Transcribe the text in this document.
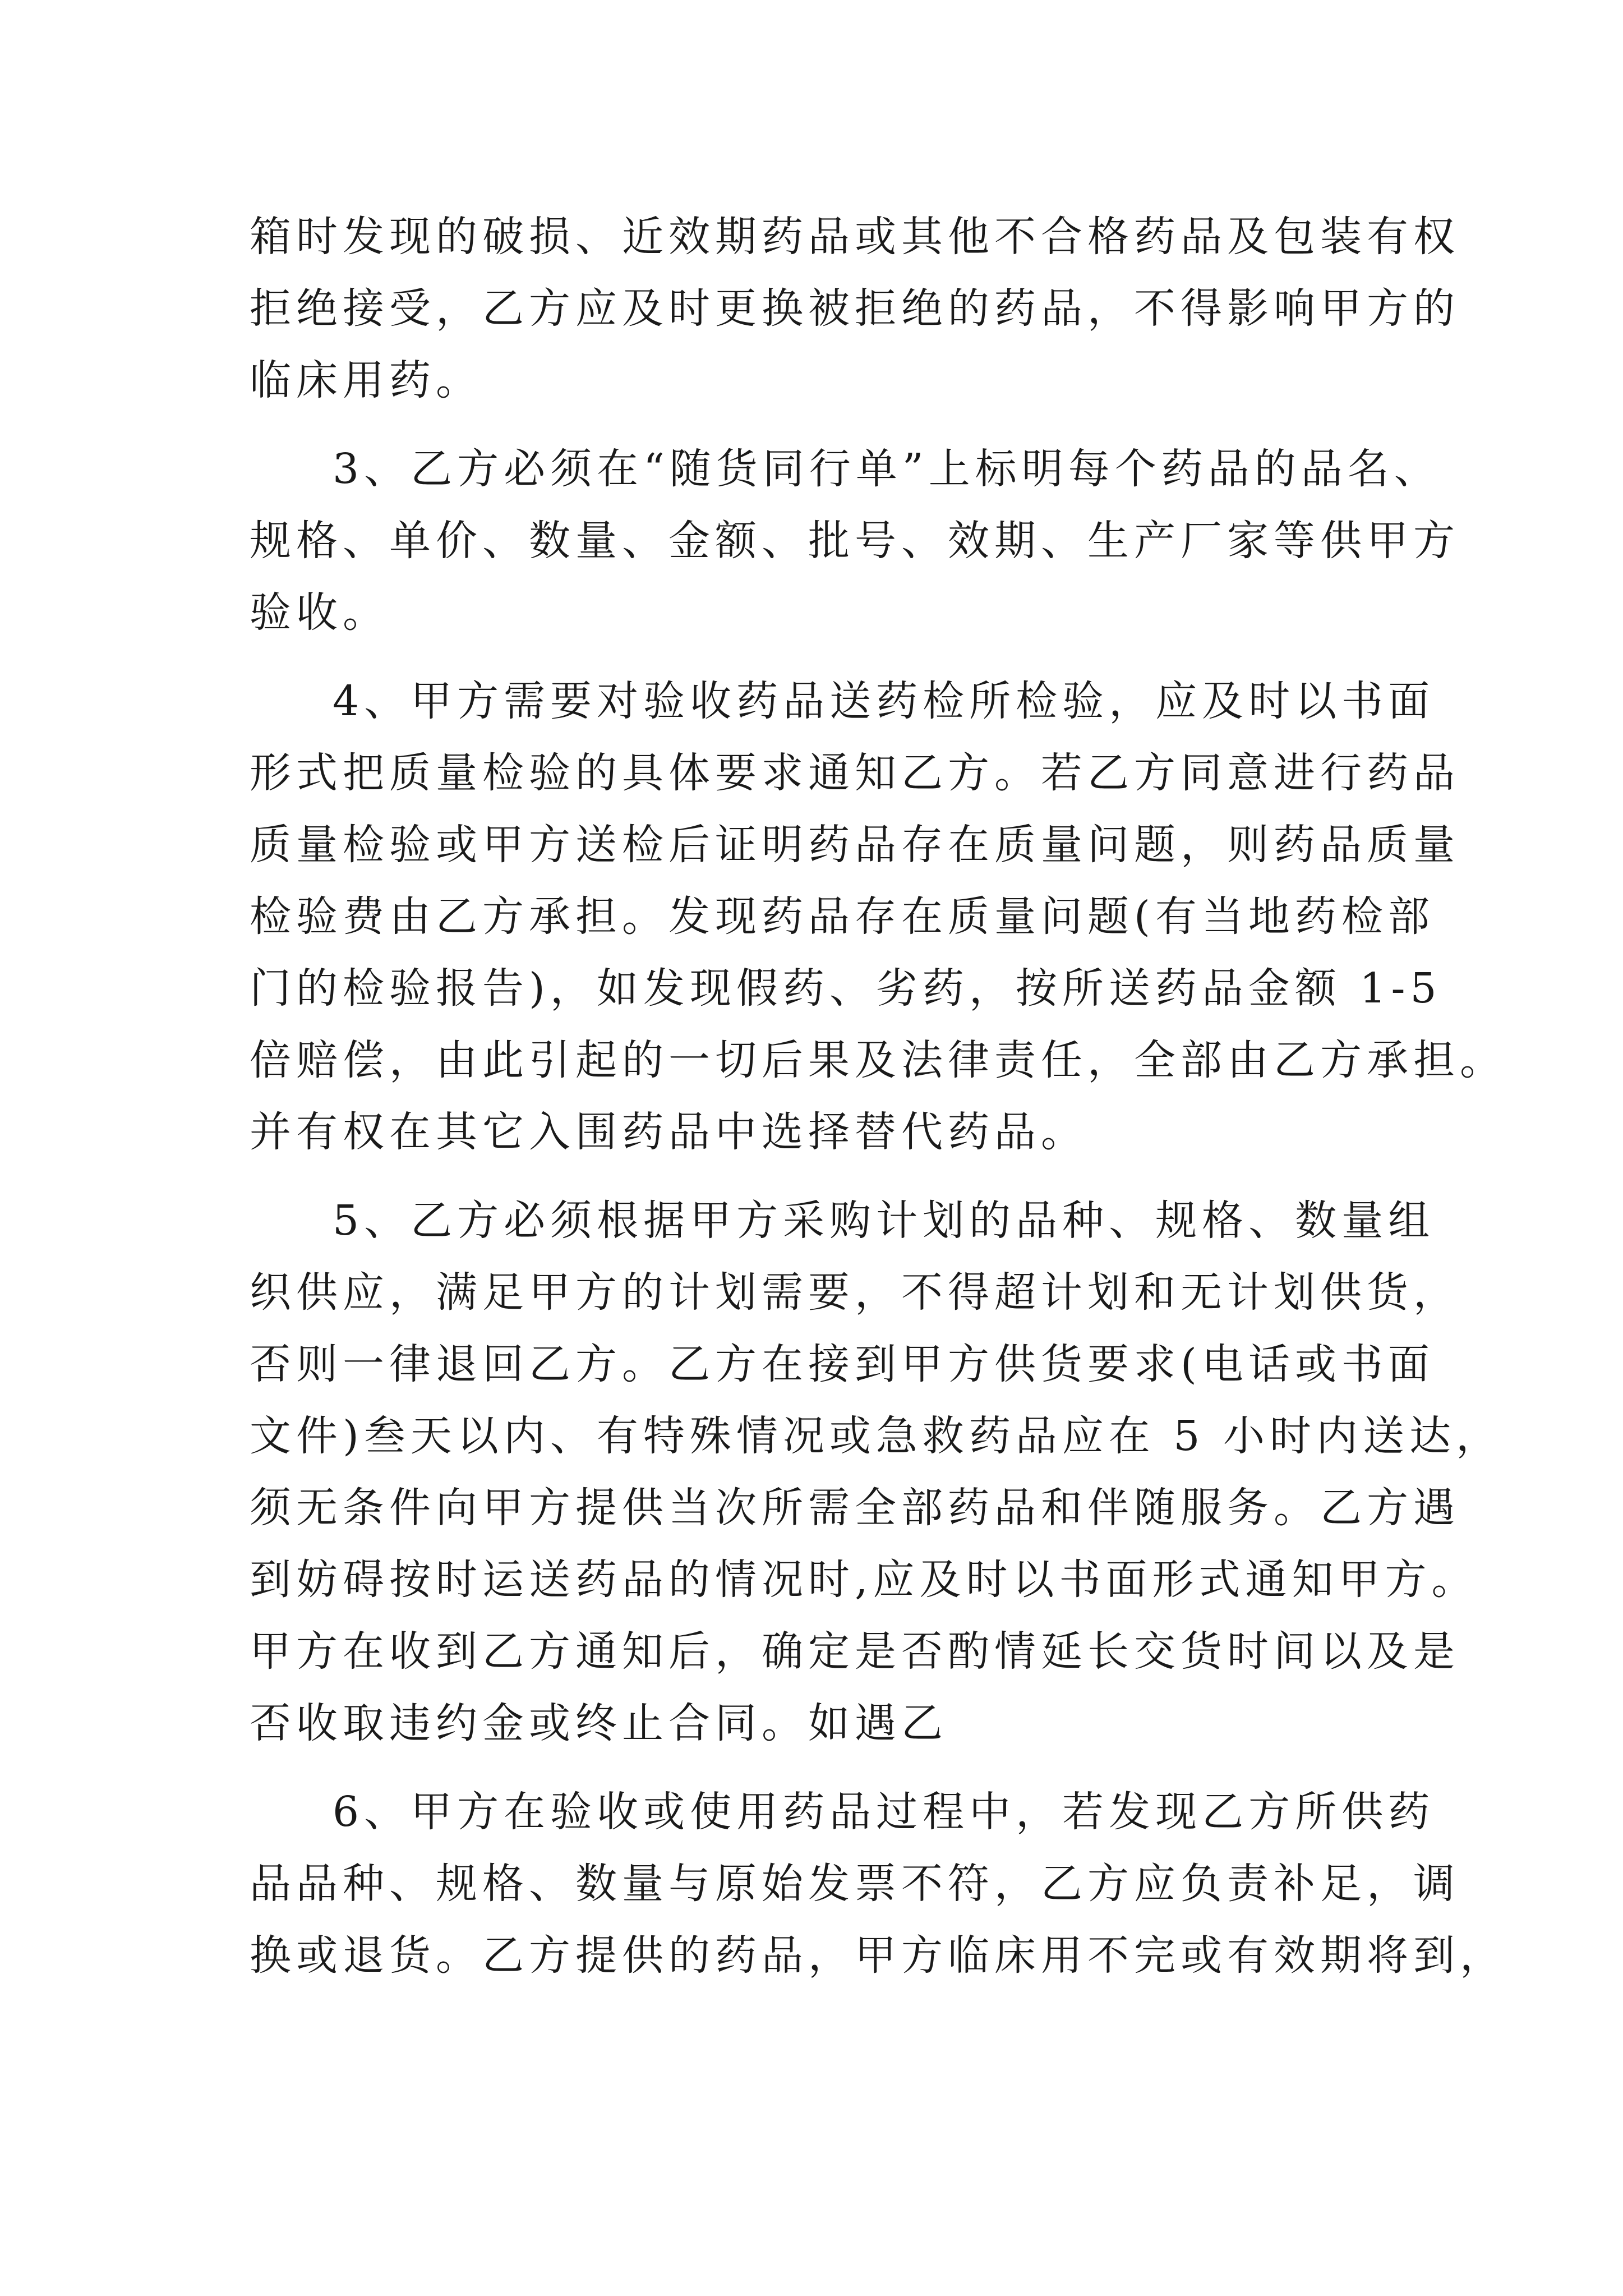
箱时发现的破损、近效期药品或其他不合格药品及包装有权
拒绝接受，乙方应及时更换被拒绝的药品，不得影响甲方的
临床用药。
3、乙方必须在“随货同行单”上标明每个药品的品名、
规格、单价、数量、金额、批号、效期、生产厂家等供甲方
验收。
4、甲方需要对验收药品送药检所检验，应及时以书面
形式把质量检验的具体要求通知乙方。若乙方同意进行药品
质量检验或甲方送检后证明药品存在质量问题，则药品质量
检验费由乙方承担。发现药品存在质量问题(有当地药检部
门的检验报告)，如发现假药、劣药，按所送药品金额 1-5
倍赔偿，由此引起的一切后果及法律责任，全部由乙方承担。
并有权在其它入围药品中选择替代药品。
5、乙方必须根据甲方采购计划的品种、规格、数量组
织供应，满足甲方的计划需要，不得超计划和无计划供货，
否则一律退回乙方。乙方在接到甲方供货要求(电话或书面
文件)叁天以内、有特殊情况或急救药品应在 5 小时内送达，
须无条件向甲方提供当次所需全部药品和伴随服务。乙方遇
到妨碍按时运送药品的情况时,应及时以书面形式通知甲方。
甲方在收到乙方通知后，确定是否酌情延长交货时间以及是
否收取违约金或终止合同。如遇乙
6、甲方在验收或使用药品过程中，若发现乙方所供药
品品种、规格、数量与原始发票不符，乙方应负责补足，调
换或退货。乙方提供的药品，甲方临床用不完或有效期将到，
